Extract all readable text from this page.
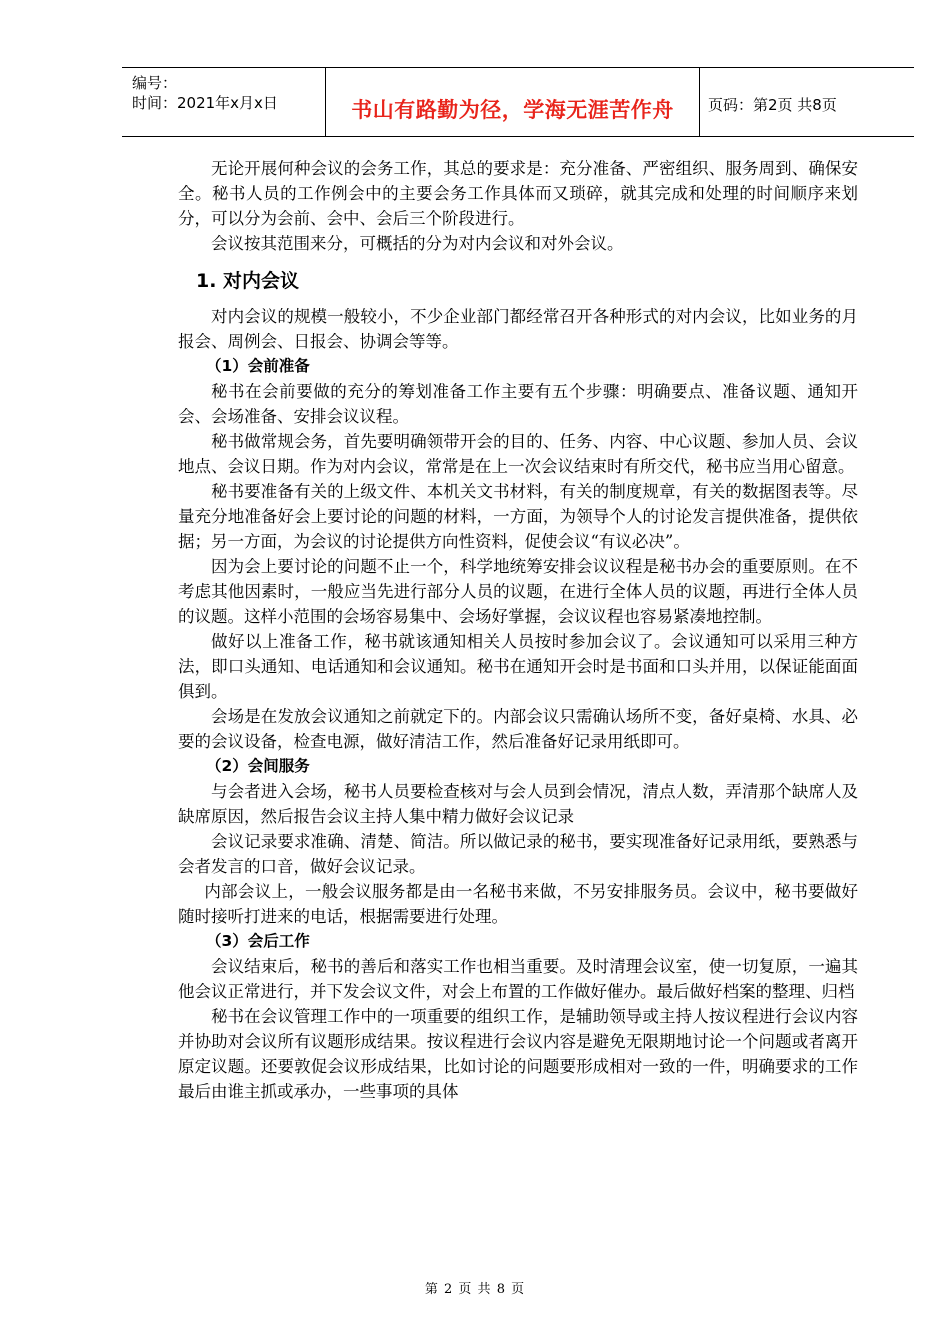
编号：
时间：2021年x月x日	书山有路勤为径，学海无涯苦作舟	页码：第2页 共8页

无论开展何种会议的会务工作，其总的要求是：充分准备、严密组织、服务周到、确保安全。秘书人员的工作例会中的主要会务工作具体而又琐碎，就其完成和处理的时间顺序来划分，可以分为会前、会中、会后三个阶段进行。

会议按其范围来分，可概括的分为对内会议和对外会议。

1. 对内会议

对内会议的规模一般较小，不少企业部门都经常召开各种形式的对内会议，比如业务的月报会、周例会、日报会、协调会等等。

（1）会前准备

秘书在会前要做的充分的筹划准备工作主要有五个步骤：明确要点、准备议题、通知开会、会场准备、安排会议议程。

秘书做常规会务，首先要明确领带开会的目的、任务、内容、中心议题、参加人员、会议地点、会议日期。作为对内会议，常常是在上一次会议结束时有所交代，秘书应当用心留意。

秘书要准备有关的上级文件、本机关文书材料，有关的制度规章，有关的数据图表等。尽量充分地准备好会上要讨论的问题的材料，一方面，为领导个人的讨论发言提供准备，提供依据；另一方面，为会议的讨论提供方向性资料，促使会议“有议必决”。

因为会上要讨论的问题不止一个，科学地统筹安排会议议程是秘书办会的重要原则。在不考虑其他因素时，一般应当先进行部分人员的议题，在进行全体人员的议题，再进行全体人员的议题。这样小范围的会场容易集中、会场好掌握，会议议程也容易紧凑地控制。

做好以上准备工作，秘书就该通知相关人员按时参加会议了。会议通知可以采用三种方法，即口头通知、电话通知和会议通知。秘书在通知开会时是书面和口头并用，以保证能面面俱到。

会场是在发放会议通知之前就定下的。内部会议只需确认场所不变，备好桌椅、水具、必要的会议设备，检查电源，做好清洁工作，然后准备好记录用纸即可。

（2）会间服务

与会者进入会场，秘书人员要检查核对与会人员到会情况，清点人数，弄清那个缺席人及缺席原因，然后报告会议主持人集中精力做好会议记录

会议记录要求准确、清楚、简洁。所以做记录的秘书，要实现准备好记录用纸，要熟悉与会者发言的口音，做好会议记录。

内部会议上，一般会议服务都是由一名秘书来做，不另安排服务员。会议中，秘书要做好随时接听打进来的电话，根据需要进行处理。

（3）会后工作

会议结束后，秘书的善后和落实工作也相当重要。及时清理会议室，使一切复原，一遍其他会议正常进行，并下发会议文件，对会上布置的工作做好催办。最后做好档案的整理、归档

秘书在会议管理工作中的一项重要的组织工作，是辅助领导或主持人按议程进行会议内容并协助对会议所有议题形成结果。按议程进行会议内容是避免无限期地讨论一个问题或者离开原定议题。还要敦促会议形成结果，比如讨论的问题要形成相对一致的一件，明确要求的工作最后由谁主抓或承办，一些事项的具体

第 2 页 共 8 页
